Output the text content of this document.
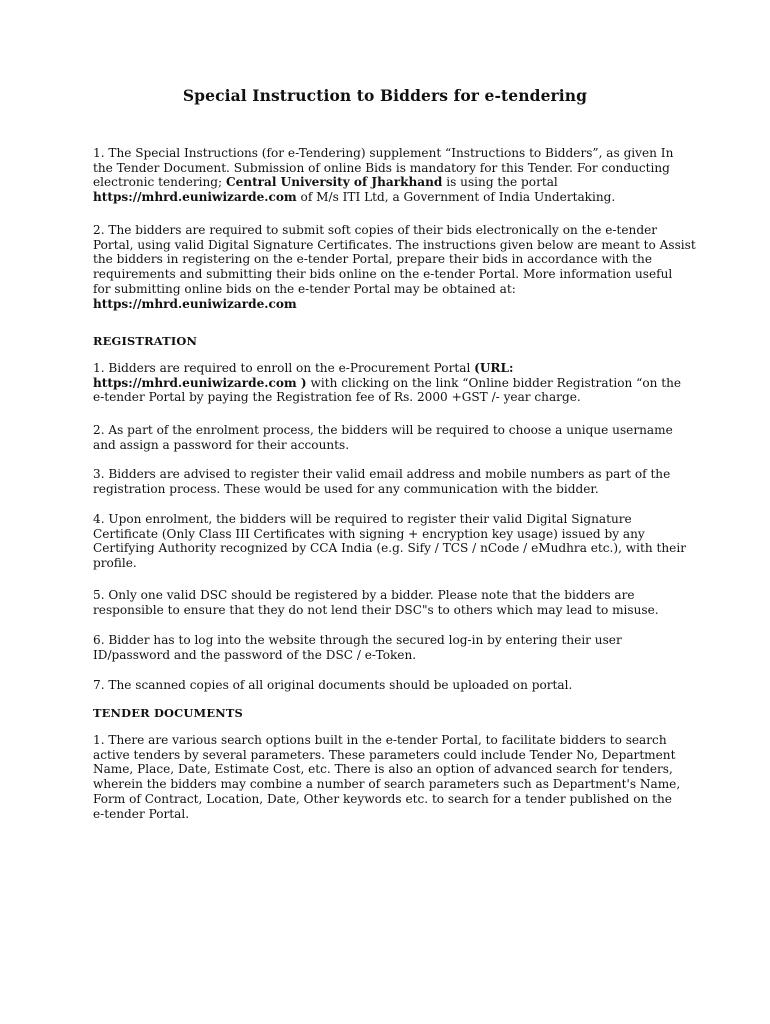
Special Instruction to Bidders for e-tendering
1. The Special Instructions (for e-Tendering) supplement “Instructions to Bidders”, as given In
the Tender Document. Submission of online Bids is mandatory for this Tender. For conducting
electronic tendering; Central University of Jharkhand is using the portal
https://mhrd.euniwizarde.com of M/s ITI Ltd, a Government of India Undertaking.
2. The bidders are required to submit soft copies of their bids electronically on the e-tender
Portal, using valid Digital Signature Certificates. The instructions given below are meant to Assist
the bidders in registering on the e-tender Portal, prepare their bids in accordance with the
requirements and submitting their bids online on the e-tender Portal. More information useful
for submitting online bids on the e-tender Portal may be obtained at:
https://mhrd.euniwizarde.com
REGISTRATION
1. Bidders are required to enroll on the e-Procurement Portal (URL:
https://mhrd.euniwizarde.com ) with clicking on the link “Online bidder Registration “on the
e-tender Portal by paying the Registration fee of Rs. 2000 +GST /- year charge.
2. As part of the enrolment process, the bidders will be required to choose a unique username
and assign a password for their accounts.
3. Bidders are advised to register their valid email address and mobile numbers as part of the
registration process. These would be used for any communication with the bidder.
4. Upon enrolment, the bidders will be required to register their valid Digital Signature
Certificate (Only Class III Certificates with signing + encryption key usage) issued by any
Certifying Authority recognized by CCA India (e.g. Sify / TCS / nCode / eMudhra etc.), with their
profile.
5. Only one valid DSC should be registered by a bidder. Please note that the bidders are
responsible to ensure that they do not lend their DSC"s to others which may lead to misuse.
6. Bidder has to log into the website through the secured log-in by entering their user
ID/password and the password of the DSC / e-Token.
7. The scanned copies of all original documents should be uploaded on portal.
TENDER DOCUMENTS
1. There are various search options built in the e-tender Portal, to facilitate bidders to search
active tenders by several parameters. These parameters could include Tender No, Department
Name, Place, Date, Estimate Cost, etc. There is also an option of advanced search for tenders,
wherein the bidders may combine a number of search parameters such as Department's Name,
Form of Contract, Location, Date, Other keywords etc. to search for a tender published on the
e-tender Portal.
